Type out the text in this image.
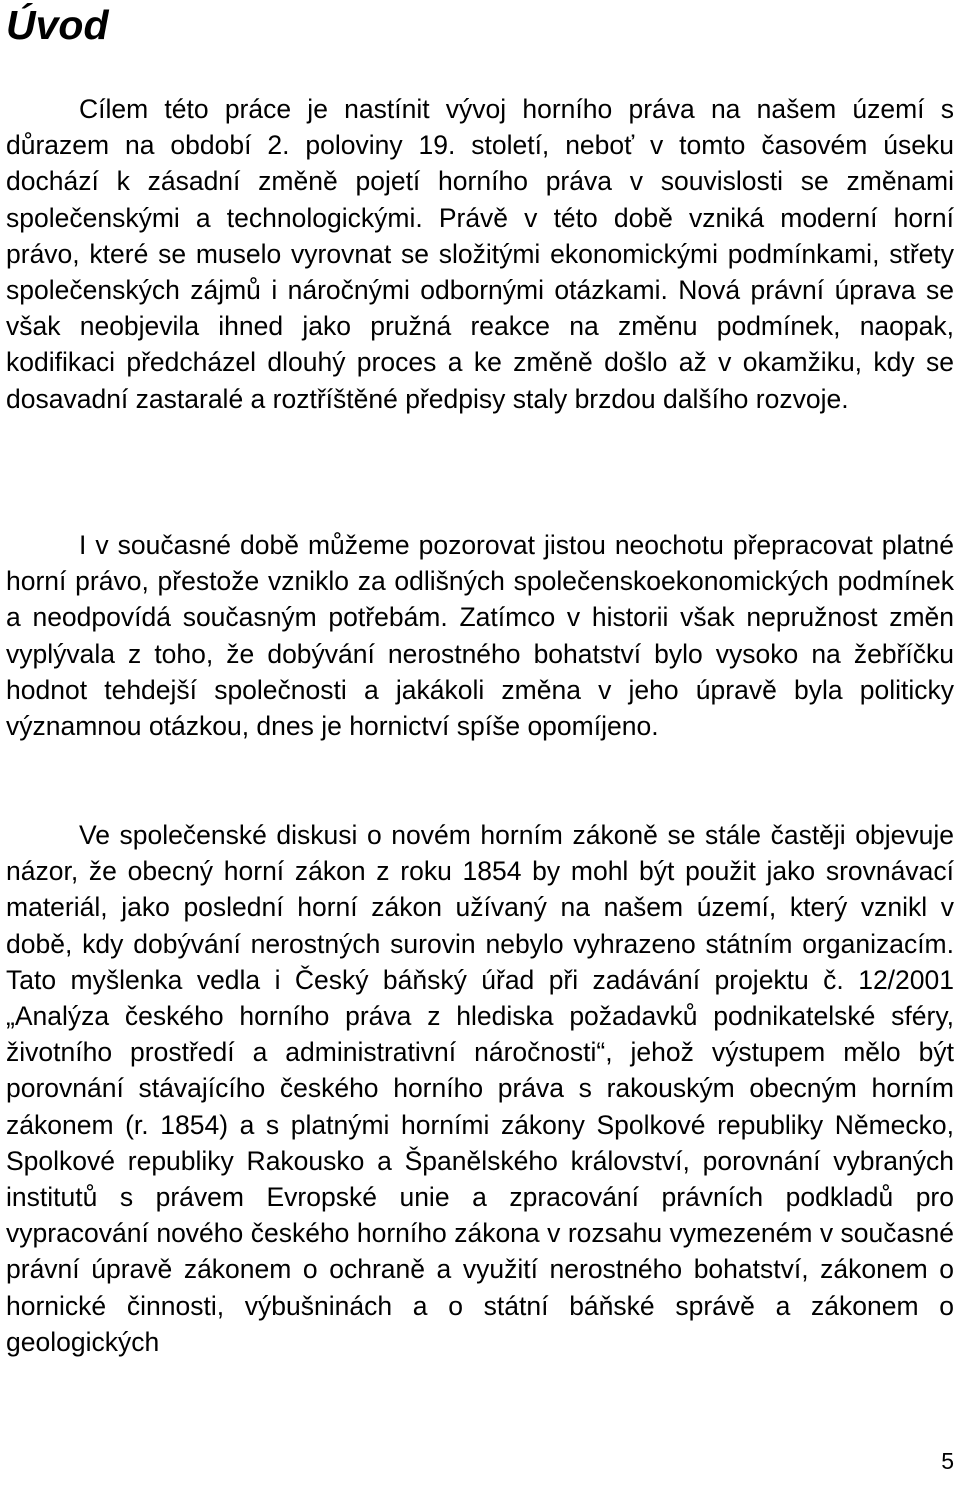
Úvod

Cílem této práce je nastínit vývoj horního práva na našem území s důrazem na období 2. poloviny 19. století, neboť v tomto časovém úseku dochází k zásadní změně pojetí horního práva v souvislosti se změnami společenskými a technologickými. Právě v této době vzniká moderní horní právo, které se muselo vyrovnat se složitými ekonomickými podmínkami, střety společenských zájmů i náročnými odbornými otázkami. Nová právní úprava se však neobjevila ihned jako pružná reakce na změnu podmínek, naopak, kodifikaci předcházel dlouhý proces a ke změně došlo až v okamžiku, kdy se dosavadní zastaralé a roztříštěné předpisy staly brzdou dalšího rozvoje.

I v současné době můžeme pozorovat jistou neochotu přepracovat platné horní právo, přestože vzniklo za odlišných společenskoekonomických podmínek a neodpovídá současným potřebám. Zatímco v historii však nepružnost změn vyplývala z toho, že dobývání nerostného bohatství bylo vysoko na žebříčku hodnot tehdejší společnosti a jakákoli změna v jeho úpravě byla politicky významnou otázkou, dnes je hornictví spíše opomíjeno.

Ve společenské diskusi o novém horním zákoně se stále častěji objevuje názor, že obecný horní zákon z roku 1854 by mohl být použit jako srovnávací materiál, jako poslední horní zákon užívaný na našem území, který vznikl v době, kdy dobývání nerostných surovin nebylo vyhrazeno státním organizacím. Tato myšlenka vedla i Český báňský úřad při zadávání projektu č. 12/2001 „Analýza českého horního práva z hlediska požadavků podnikatelské sféry, životního prostředí a administrativní náročnosti“, jehož výstupem mělo být porovnání stávajícího českého horního práva s rakouským obecným horním zákonem (r. 1854) a s platnými horními zákony Spolkové republiky Německo, Spolkové republiky Rakousko a Španělského království, porovnání vybraných institutů s právem Evropské unie a zpracování právních podkladů pro vypracování nového českého horního zákona v rozsahu vymezeném v současné právní úpravě zákonem o ochraně a využití nerostného bohatství, zákonem o hornické činnosti, výbušninách a o státní báňské správě a zákonem o geologických

5
